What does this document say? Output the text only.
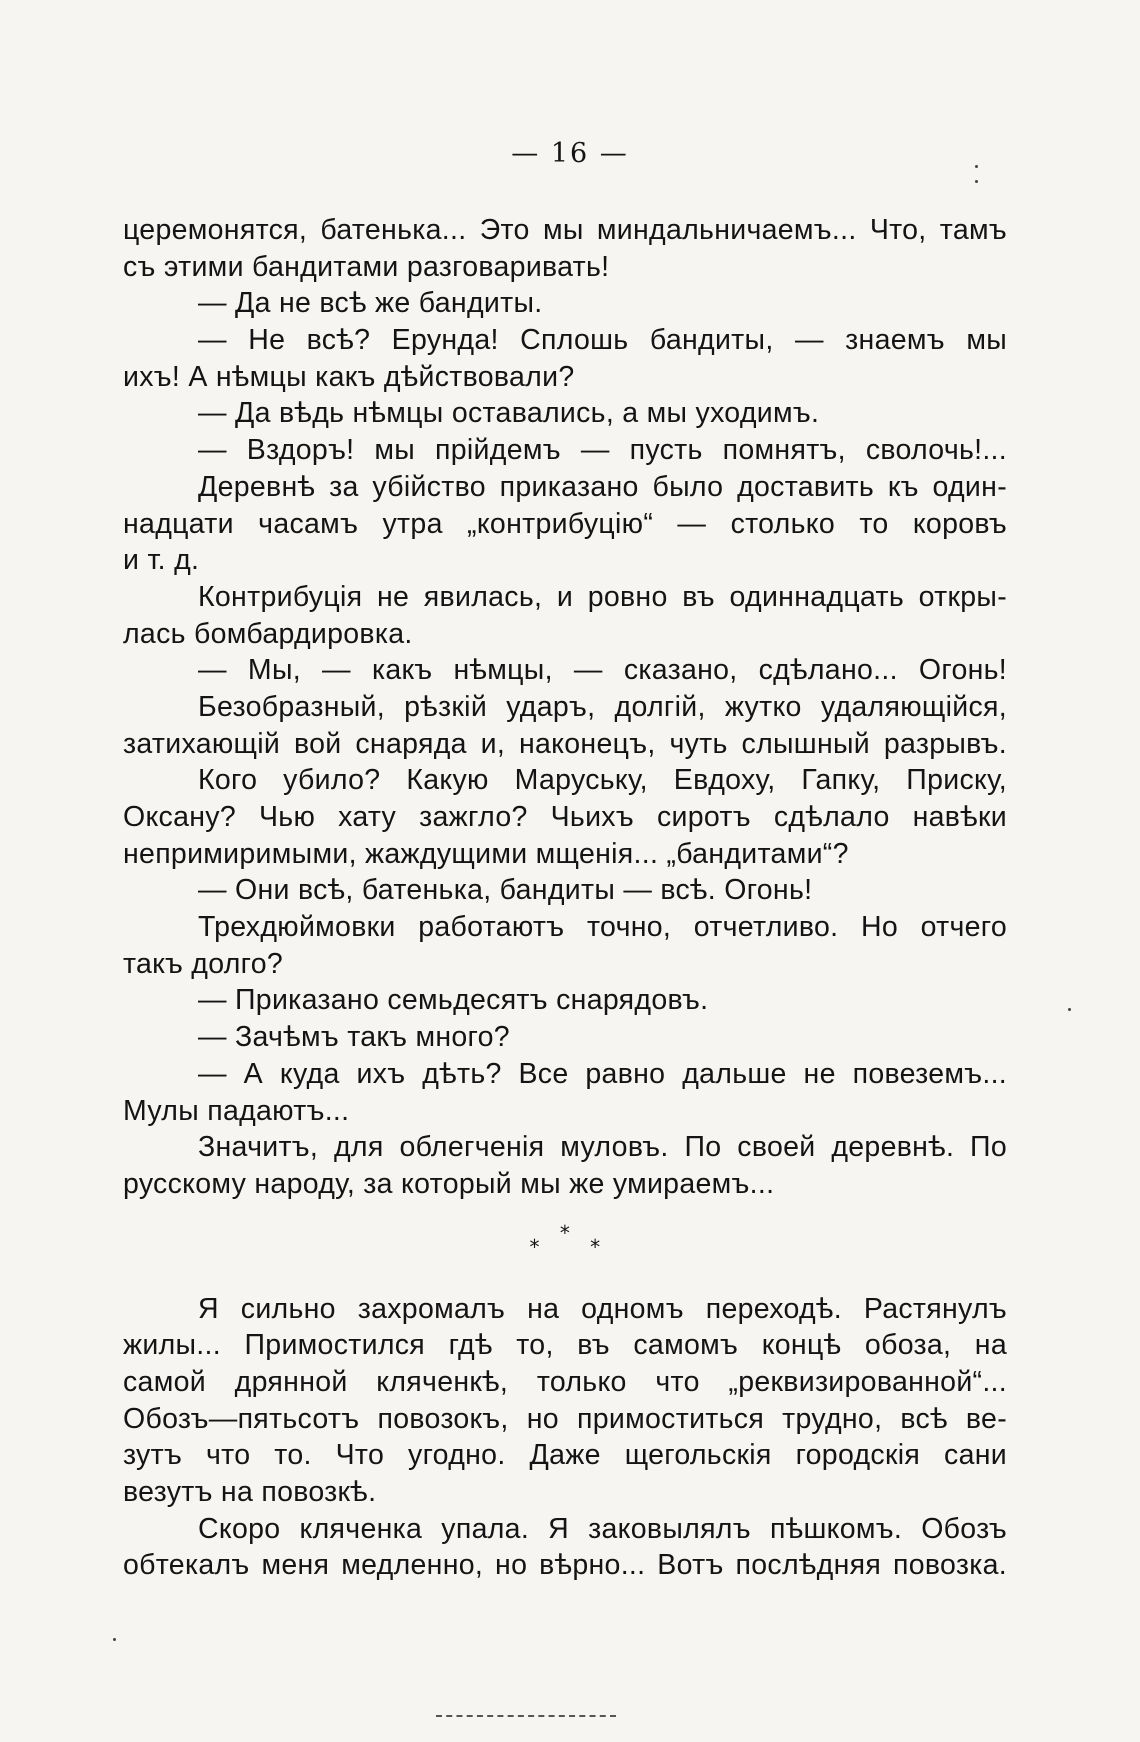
— 16 —
церемонятся, батенька... Это мы миндальничаемъ... Что, тамъ
съ этими бандитами разговаривать!
— Да не всѣ же бандиты.
— Не всѣ? Ерунда! Сплошь бандиты, — знаемъ мы
ихъ! А нѣмцы какъ дѣйствовали?
— Да вѣдь нѣмцы оставались, а мы уходимъ.
— Вздоръ! мы прійдемъ — пусть помнятъ, сволочь!...
Деревнѣ за убійство приказано было доставить къ один-
надцати часамъ утра „контрибуцію“ — столько то коровъ
и т. д.
Контрибуція не явилась, и ровно въ одиннадцать откры-
лась бомбардировка.
— Мы, — какъ нѣмцы, — сказано, сдѣлано... Огонь!
Безобразный, рѣзкій ударъ, долгій, жутко удаляющійся,
затихающій вой снаряда и, наконецъ, чуть слышный разрывъ.
Кого убило? Какую Маруську, Евдоху, Гапку, Приску,
Оксану? Чью хату зажгло? Чьихъ сиротъ сдѣлало навѣки
непримиримыми, жаждущими мщенія... „бандитами“?
— Они всѣ, батенька, бандиты — всѣ. Огонь!
Трехдюймовки работаютъ точно, отчетливо. Но отчего
такъ долго?
— Приказано семьдесятъ снарядовъ.
— Зачѣмъ такъ много?
— А куда ихъ дѣть? Все равно дальше не повеземъ...
Мулы падаютъ...
Значитъ, для облегченія муловъ. По своей деревнѣ. По
русскому народу, за который мы же умираемъ...
***
Я сильно захромалъ на одномъ переходѣ. Растянулъ
жилы... Примостился гдѣ то, въ самомъ концѣ обоза, на
самой дрянной кляченкѣ, только что „реквизированной“...
Обозъ—пятьсотъ повозокъ, но примоститься трудно, всѣ ве-
зутъ что то. Что угодно. Даже щегольскія городскія сани
везутъ на повозкѣ.
Скоро кляченка упала. Я заковылялъ пѣшкомъ. Обозъ
обтекалъ меня медленно, но вѣрно... Вотъ послѣдняя повозка.
